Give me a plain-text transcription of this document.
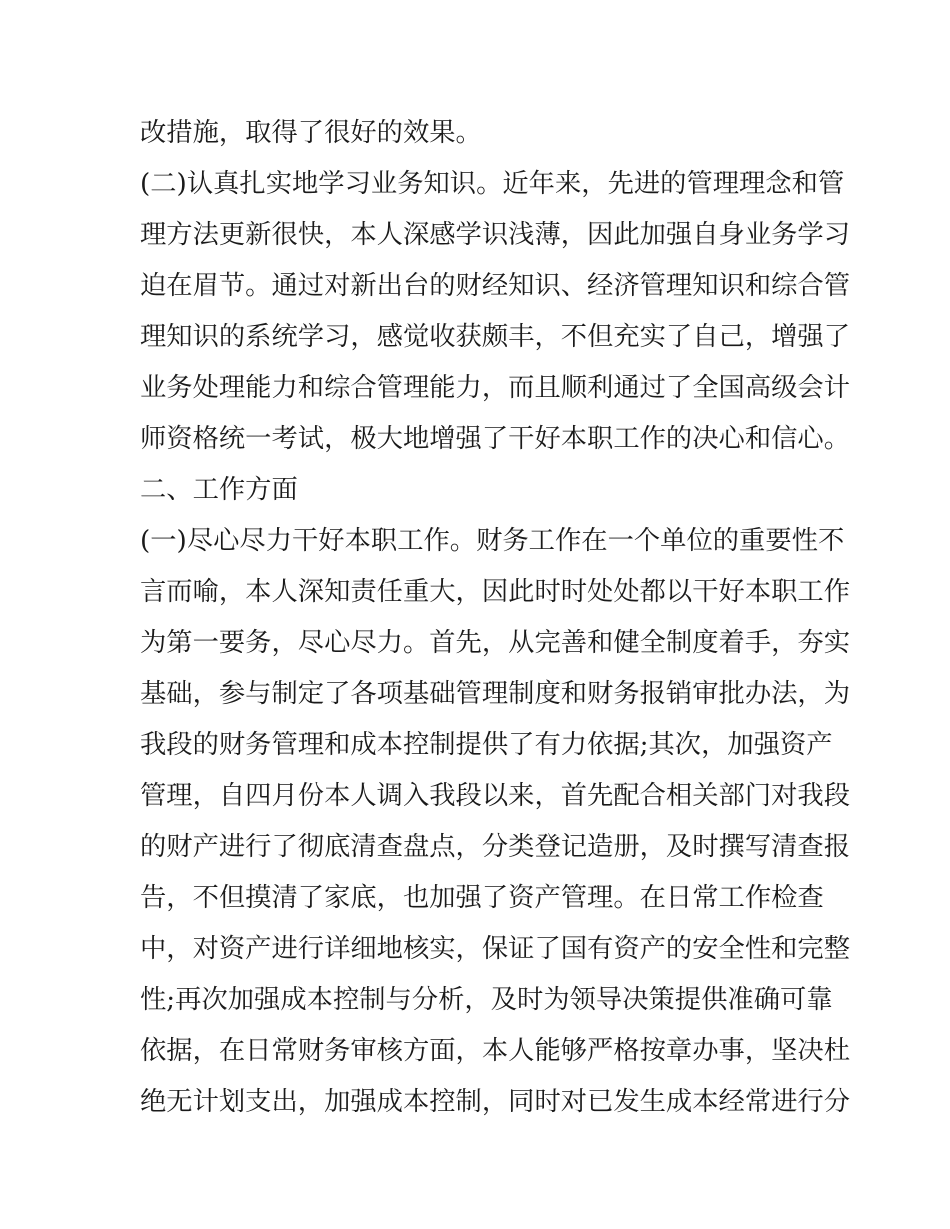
改措施，取得了很好的效果。
(二)认真扎实地学习业务知识。近年来，先进的管理理念和管
理方法更新很快，本人深感学识浅薄，因此加强自身业务学习
迫在眉节。通过对新出台的财经知识、经济管理知识和综合管
理知识的系统学习，感觉收获颇丰，不但充实了自己，增强了
业务处理能力和综合管理能力，而且顺利通过了全国高级会计
师资格统一考试，极大地增强了干好本职工作的决心和信心。
二、工作方面
(一)尽心尽力干好本职工作。财务工作在一个单位的重要性不
言而喻，本人深知责任重大，因此时时处处都以干好本职工作
为第一要务，尽心尽力。首先，从完善和健全制度着手，夯实
基础，参与制定了各项基础管理制度和财务报销审批办法，为
我段的财务管理和成本控制提供了有力依据;其次，加强资产
管理，自四月份本人调入我段以来，首先配合相关部门对我段
的财产进行了彻底清查盘点，分类登记造册，及时撰写清查报
告，不但摸清了家底，也加强了资产管理。在日常工作检查
中，对资产进行详细地核实，保证了国有资产的安全性和完整
性;再次加强成本控制与分析，及时为领导决策提供准确可靠
依据，在日常财务审核方面，本人能够严格按章办事，坚决杜
绝无计划支出，加强成本控制，同时对已发生成本经常进行分
